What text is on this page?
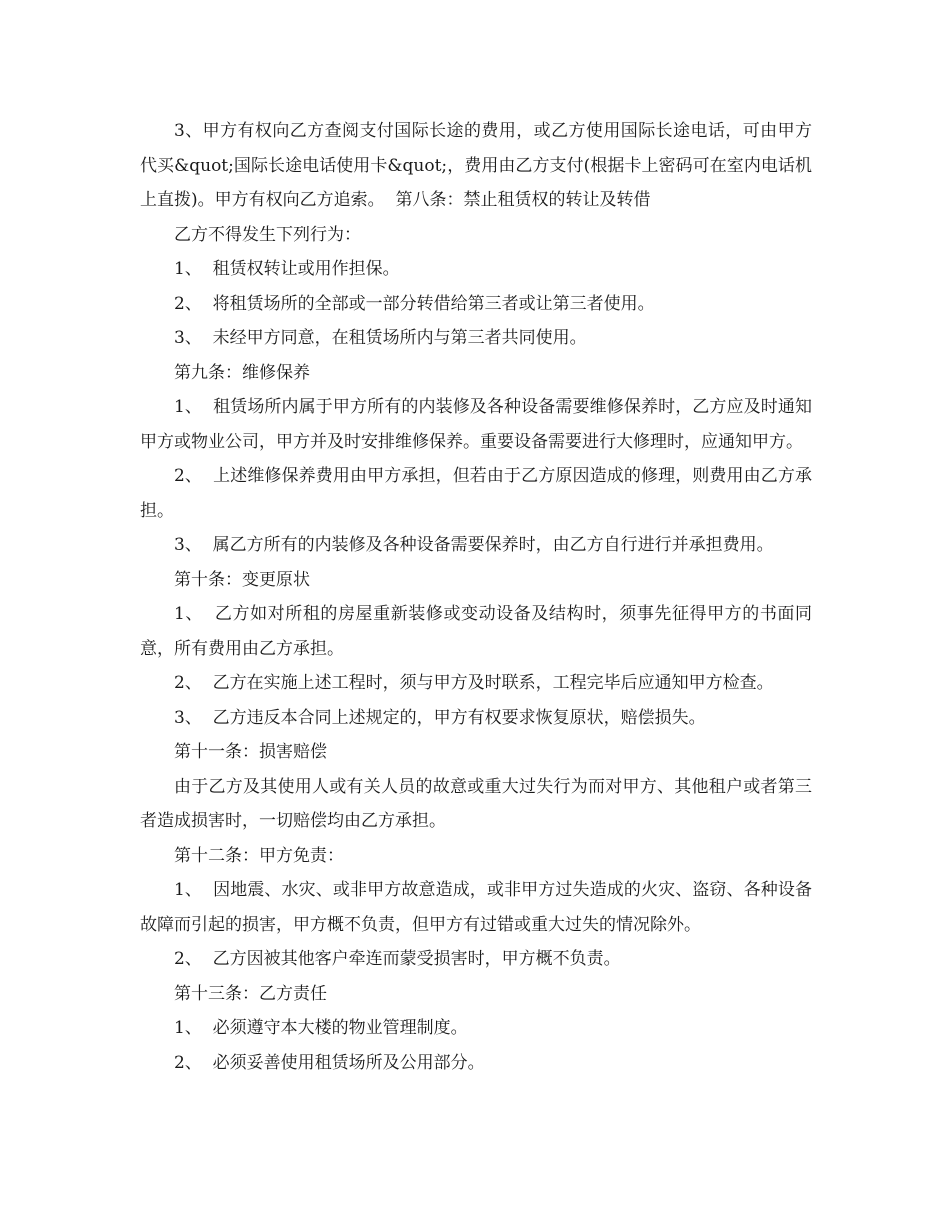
3、甲方有权向乙方查阅支付国际长途的费用，或乙方使用国际长途电话，可由甲方代买&quot;国际长途电话使用卡&quot;，费用由乙方支付(根据卡上密码可在室内电话机上直拨)。甲方有权向乙方追索。  第八条：禁止租赁权的转让及转借

乙方不得发生下列行为：

1、  租赁权转让或用作担保。

2、  将租赁场所的全部或一部分转借给第三者或让第三者使用。

3、  未经甲方同意，在租赁场所内与第三者共同使用。

第九条：维修保养

1、  租赁场所内属于甲方所有的内装修及各种设备需要维修保养时，乙方应及时通知甲方或物业公司，甲方并及时安排维修保养。重要设备需要进行大修理时，应通知甲方。

2、  上述维修保养费用由甲方承担，但若由于乙方原因造成的修理，则费用由乙方承担。

3、  属乙方所有的内装修及各种设备需要保养时，由乙方自行进行并承担费用。

第十条：变更原状

1、  乙方如对所租的房屋重新装修或变动设备及结构时，须事先征得甲方的书面同意，所有费用由乙方承担。

2、  乙方在实施上述工程时，须与甲方及时联系，工程完毕后应通知甲方检查。

3、  乙方违反本合同上述规定的，甲方有权要求恢复原状，赔偿损失。

第十一条：损害赔偿

由于乙方及其使用人或有关人员的故意或重大过失行为而对甲方、其他租户或者第三者造成损害时，一切赔偿均由乙方承担。

第十二条：甲方免责：

1、  因地震、水灾、或非甲方故意造成，或非甲方过失造成的火灾、盗窃、各种设备故障而引起的损害，甲方概不负责，但甲方有过错或重大过失的情况除外。

2、  乙方因被其他客户牵连而蒙受损害时，甲方概不负责。

第十三条：乙方责任

1、  必须遵守本大楼的物业管理制度。

2、  必须妥善使用租赁场所及公用部分。
